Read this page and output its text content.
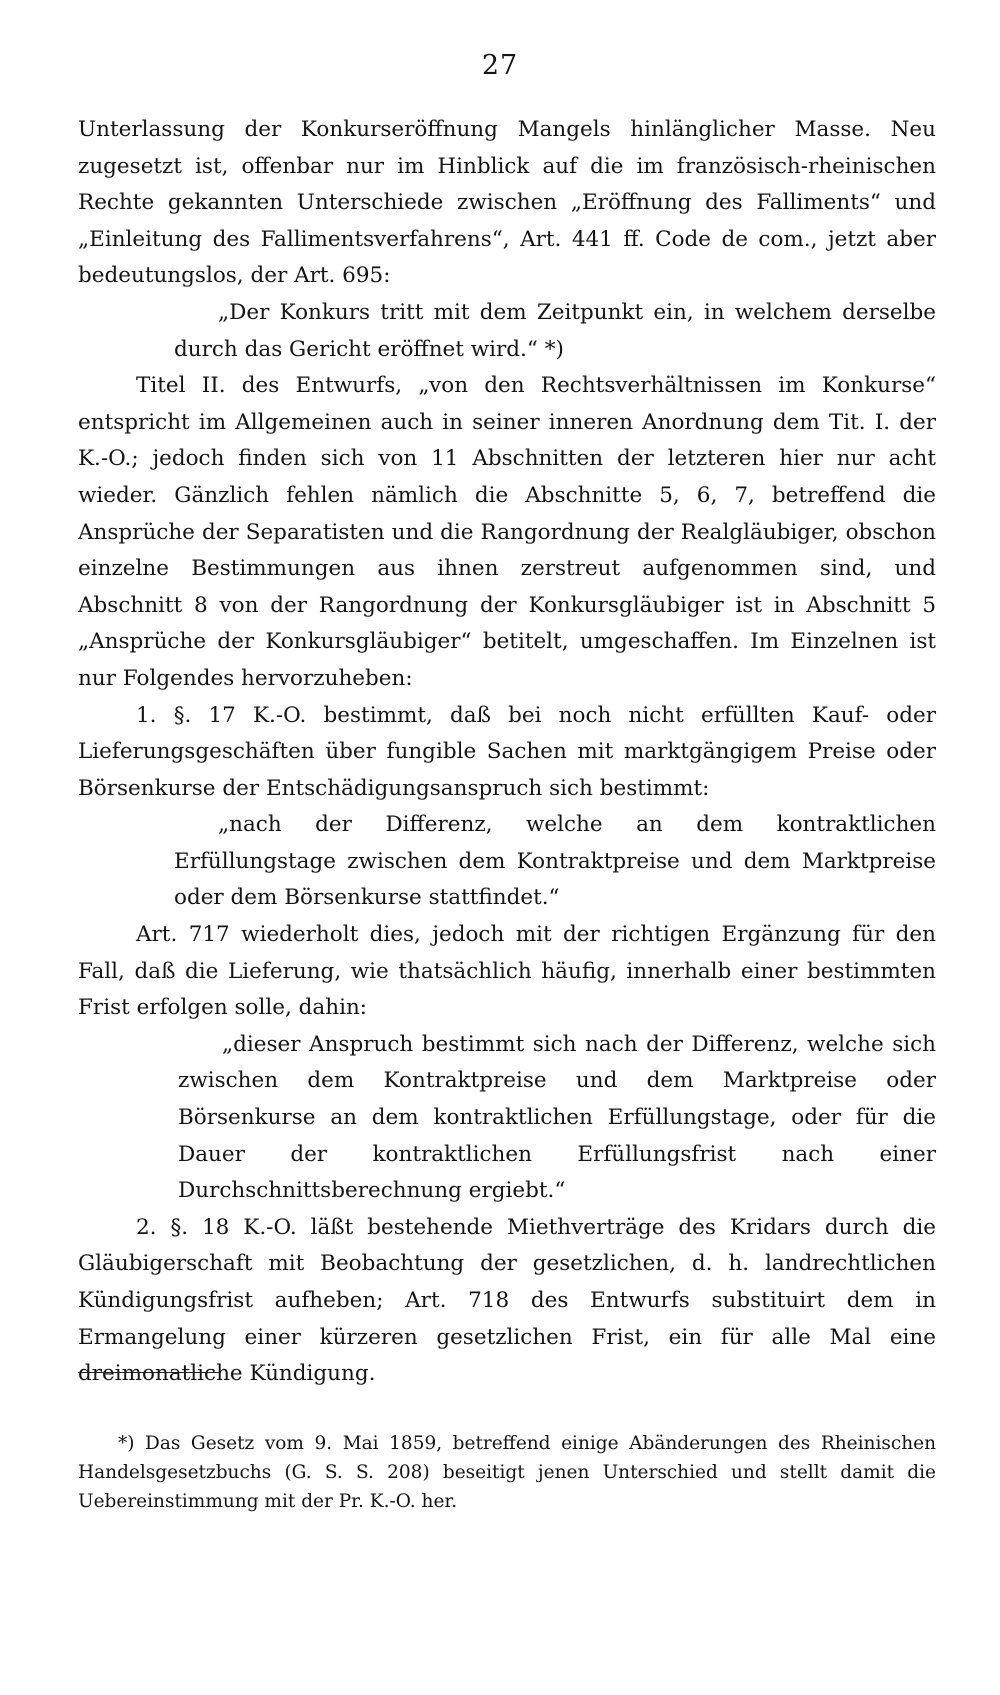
27

Unterlassung der Konkurseröffnung Mangels hinlänglicher Masse. Neu zugesetzt ist, offenbar nur im Hinblick auf die im französisch-rheinischen Rechte gekannten Unterschiede zwischen „Eröffnung des Falliments“ und „Einleitung des Fallimentsverfahrens“, Art. 441 ff. Code de com., jetzt aber bedeutungslos, der Art. 695:

„Der Konkurs tritt mit dem Zeitpunkt ein, in welchem derselbe durch das Gericht eröffnet wird.“ *)

Titel II. des Entwurfs, „von den Rechtsverhältnissen im Konkurse“ entspricht im Allgemeinen auch in seiner inneren Anordnung dem Tit. I. der K.-O.; jedoch finden sich von 11 Abschnitten der letzteren hier nur acht wieder. Gänzlich fehlen nämlich die Abschnitte 5, 6, 7, betreffend die Ansprüche der Separatisten und die Rangordnung der Realgläubiger, obschon einzelne Bestimmungen aus ihnen zerstreut aufgenommen sind, und Abschnitt 8 von der Rangordnung der Konkursgläubiger ist in Abschnitt 5 „Ansprüche der Konkursgläubiger“ betitelt, umgeschaffen. Im Einzelnen ist nur Folgendes hervorzuheben:

1. §. 17 K.-O. bestimmt, daß bei noch nicht erfüllten Kauf- oder Lieferungsgeschäften über fungible Sachen mit marktgängigem Preise oder Börsenkurse der Entschädigungsanspruch sich bestimmt:

„nach der Differenz, welche an dem kontraktlichen Erfüllungstage zwischen dem Kontraktpreise und dem Marktpreise oder dem Börsenkurse stattfindet.“

Art. 717 wiederholt dies, jedoch mit der richtigen Ergänzung für den Fall, daß die Lieferung, wie thatsächlich häufig, innerhalb einer bestimmten Frist erfolgen solle, dahin:

„dieser Anspruch bestimmt sich nach der Differenz, welche sich zwischen dem Kontraktpreise und dem Marktpreise oder Börsenkurse an dem kontraktlichen Erfüllungstage, oder für die Dauer der kontraktlichen Erfüllungsfrist nach einer Durchschnittsberechnung ergiebt.“

2. §. 18 K.-O. läßt bestehende Miethverträge des Kridars durch die Gläubigerschaft mit Beobachtung der gesetzlichen, d. h. landrechtlichen Kündigungsfrist aufheben; Art. 718 des Entwurfs substituirt dem in Ermangelung einer kürzeren gesetzlichen Frist, ein für alle Mal eine dreimonatliche Kündigung.

*) Das Gesetz vom 9. Mai 1859, betreffend einige Abänderungen des Rheinischen Handelsgesetzbuchs (G. S. S. 208) beseitigt jenen Unterschied und stellt damit die Uebereinstimmung mit der Pr. K.-O. her.
